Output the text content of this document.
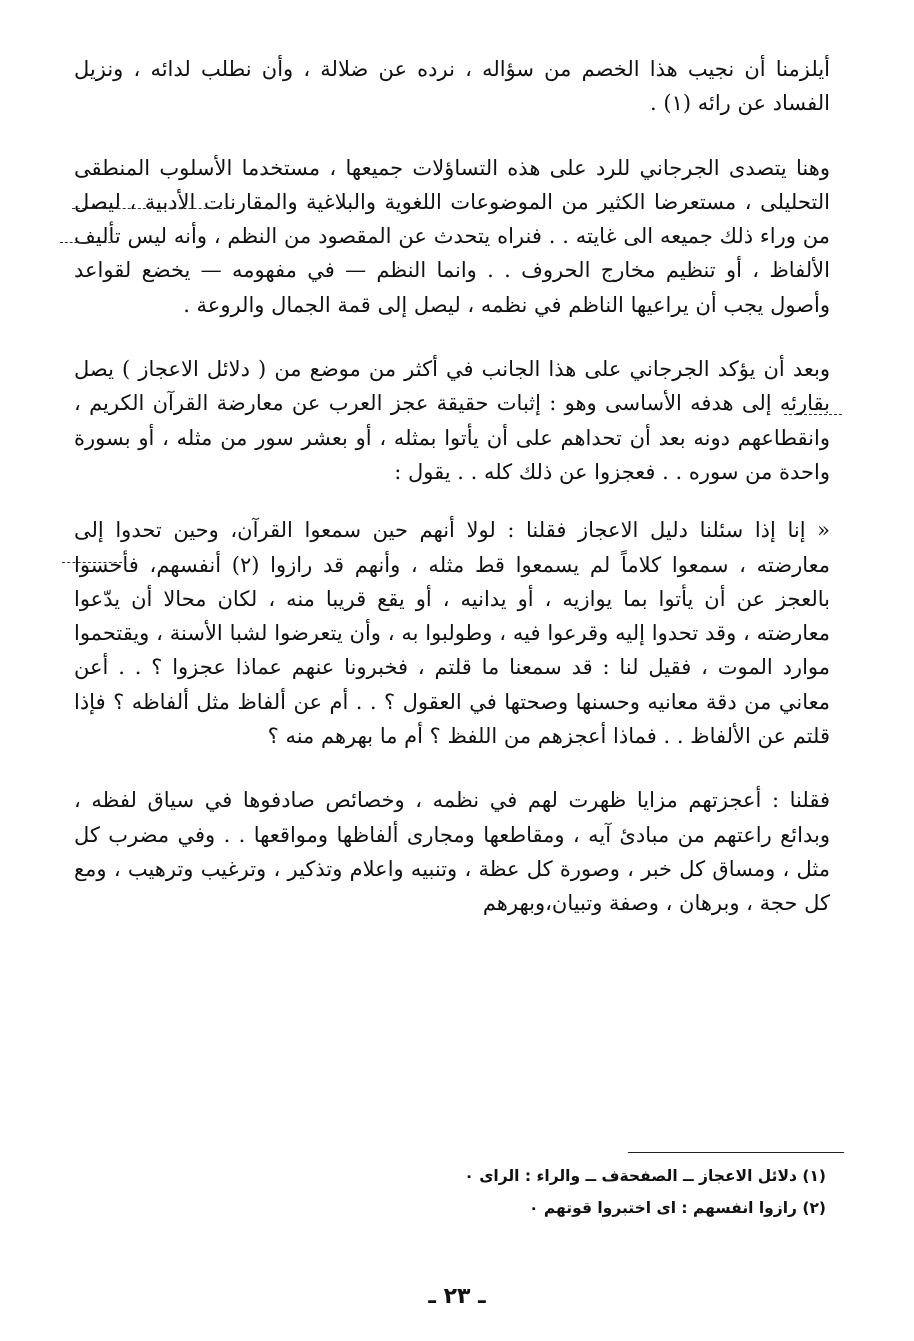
أيلزمنا أن نجيب هذا الخصم من سؤاله ، نرده عن ضلالة ، وأن نطلب لدائه ، ونزيل الفساد عن رائه (١) .

وهنا يتصدى الجرجاني للرد على هذه التساؤلات جميعها ، مستخدما الأسلوب المنطقى التحليلى ، مستعرضا الكثير من الموضوعات اللغوية والبلاغية والمقارنات الأدبية ، ليصل من وراء ذلك جميعه الى غايته . . فنراه يتحدث عن المقصود من النظم ، وأنه ليس تأليف الألفاظ ، أو تنظيم مخارج الحروف . . وانما النظم — في مفهومه — يخضع لقواعد وأصول يجب أن يراعيها الناظم في نظمه ، ليصل إلى قمة الجمال والروعة .

وبعد أن يؤكد الجرجاني على هذا الجانب في أكثر من موضع من ( دلائل الاعجاز ) يصل بقارئه إلى هدفه الأساسى وهو : إثبات حقيقة عجز العرب عن معارضة القرآن الكريم ، وانقطاعهم دونه بعد أن تحداهم على أن يأتوا بمثله ، أو بعشر سور من مثله ، أو بسورة واحدة من سوره . . فعجزوا عن ذلك كله . . يقول :

« إنا إذا سئلنا دليل الاعجاز فقلنا : لولا أنهم حين سمعوا القرآن، وحين تحدوا إلى معارضته ، سمعوا كلاماً لم يسمعوا قط مثله ، وأنهم قد رازوا (٢) أنفسهم، فأحسوا بالعجز عن أن يأتوا بما يوازيه ، أو يدانيه ، أو يقع قريبا منه ، لكان محالا أن يدّعوا معارضته ، وقد تحدوا إليه وقرعوا فيه ، وطولبوا به ، وأن يتعرضوا لشبا الأسنة ، ويقتحموا موارد الموت ، فقيل لنا : قد سمعنا ما قلتم ، فخبرونا عنهم عماذا عجزوا ؟ . . أعن معاني من دقة معانيه وحسنها وصحتها في العقول ؟ . . أم عن ألفاظ مثل ألفاظه ؟ فإذا قلتم عن الألفاظ . . فماذا أعجزهم من اللفظ ؟ أم ما بهرهم منه ؟

فقلنا : أعجزتهم مزايا ظهرت لهم في نظمه ، وخصائص صادفوها في سياق لفظه ، وبدائع راعتهم من مبادئ آيه ، ومقاطعها ومجارى ألفاظها ومواقعها . . وفي مضرب كل مثل ، ومساق كل خبر ، وصورة كل عظة ، وتنبيه واعلام وتذكير ، وترغيب وترهيب ، ومع كل حجة ، وبرهان ، وصفة وتبيان،وبهرهم

(١) دلائل الاعجاز ــ الصفحةف ــ والراء : الراى ٠
(٢) رازوا انفسهم : اى اختبروا قوتهم ٠
ـ ٢٣ ـ
